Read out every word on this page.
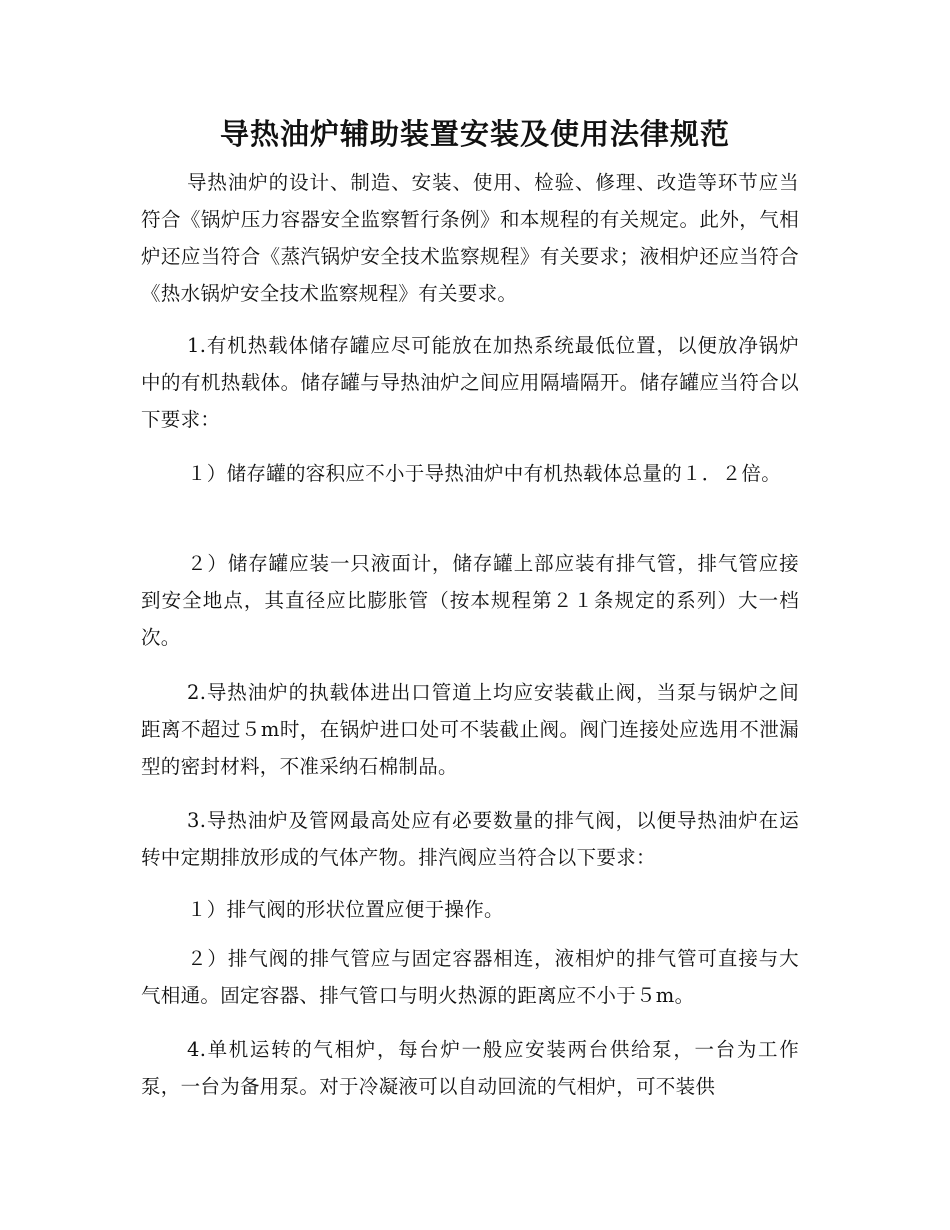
导热油炉辅助装置安装及使用法律规范

导热油炉的设计、制造、安装、使用、检验、修理、改造等环节应当符合《锅炉压力容器安全监察暂行条例》和本规程的有关规定。此外，气相炉还应当符合《蒸汽锅炉安全技术监察规程》有关要求；液相炉还应当符合《热水锅炉安全技术监察规程》有关要求。

1.有机热载体储存罐应尽可能放在加热系统最低位置，以便放净锅炉中的有机热载体。储存罐与导热油炉之间应用隔墙隔开。储存罐应当符合以下要求：

１）储存罐的容积应不小于导热油炉中有机热载体总量的１．２倍。

２）储存罐应装一只液面计，储存罐上部应装有排气管，排气管应接到安全地点，其直径应比膨胀管（按本规程第２１条规定的系列）大一档次。

2.导热油炉的执载体进出口管道上均应安装截止阀，当泵与锅炉之间距离不超过５m时，在锅炉进口处可不装截止阀。阀门连接处应选用不泄漏型的密封材料，不准采纳石棉制品。

3.导热油炉及管网最高处应有必要数量的排气阀，以便导热油炉在运转中定期排放形成的气体产物。排汽阀应当符合以下要求：

１）排气阀的形状位置应便于操作。

２）排气阀的排气管应与固定容器相连，液相炉的排气管可直接与大气相通。固定容器、排气管口与明火热源的距离应不小于５m。

4.单机运转的气相炉，每台炉一般应安装两台供给泵，一台为工作泵，一台为备用泵。对于冷凝液可以自动回流的气相炉，可不装供
